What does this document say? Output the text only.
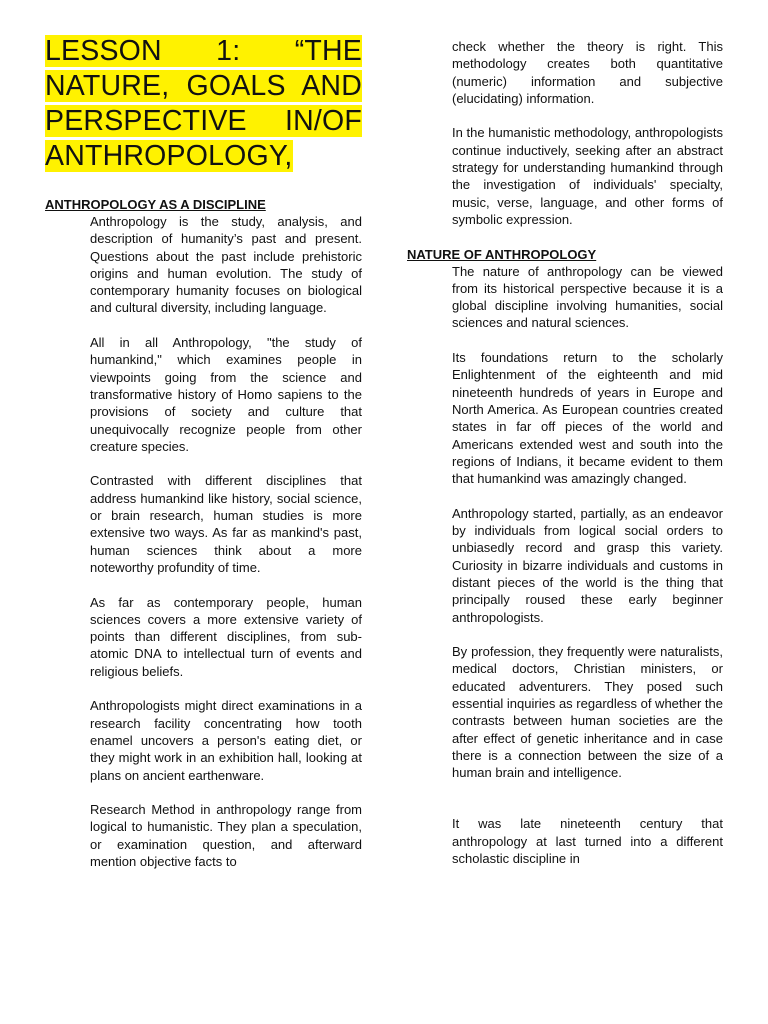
LESSON 1: “THE NATURE, GOALS AND PERSPECTIVE IN/OF ANTHROPOLOGY,

ANTHROPOLOGY AS A DISCIPLINE

Anthropology is the study, analysis, and description of humanity’s past and present. Questions about the past include prehistoric origins and human evolution. The study of contemporary humanity focuses on biological and cultural diversity, including language.

All in all Anthropology, "the study of humankind," which examines people in viewpoints going from the science and transformative history of Homo sapiens to the provisions of society and culture that unequivocally recognize people from other creature species.

Contrasted with different disciplines that address humankind like history, social science, or brain research, human studies is more extensive two ways. As far as mankind's past, human sciences think about a more noteworthy profundity of time.

As far as contemporary people, human sciences covers a more extensive variety of points than different disciplines, from sub-atomic DNA to intellectual turn of events and religious beliefs.

Anthropologists might direct examinations in a research facility concentrating how tooth enamel uncovers a person's eating diet, or they might work in an exhibition hall, looking at plans on ancient earthenware.

Research Method in anthropology range from logical to humanistic. They plan a speculation, or examination question, and afterward mention objective facts to

check whether the theory is right. This methodology creates both quantitative (numeric) information and subjective (elucidating) information.

In the humanistic methodology, anthropologists continue inductively, seeking after an abstract strategy for understanding humankind through the investigation of individuals' specialty, music, verse, language, and other forms of symbolic expression.

NATURE OF ANTHROPOLOGY

The nature of anthropology can be viewed from its historical perspective because it is a global discipline involving humanities, social sciences and natural sciences.

Its foundations return to the scholarly Enlightenment of the eighteenth and mid nineteenth hundreds of years in Europe and North America. As European countries created states in far off pieces of the world and Americans extended west and south into the regions of Indians, it became evident to them that humankind was amazingly changed.

Anthropology started, partially, as an endeavor by individuals from logical social orders to unbiasedly record and grasp this variety. Curiosity in bizarre individuals and customs in distant pieces of the world is the thing that principally roused these early beginner anthropologists.

By profession, they frequently were naturalists, medical doctors, Christian ministers, or educated adventurers. They posed such essential inquiries as regardless of whether the contrasts between human societies are the after effect of genetic inheritance and in case there is a connection between the size of a human brain and intelligence.

It was late nineteenth century that anthropology at last turned into a different scholastic discipline in
